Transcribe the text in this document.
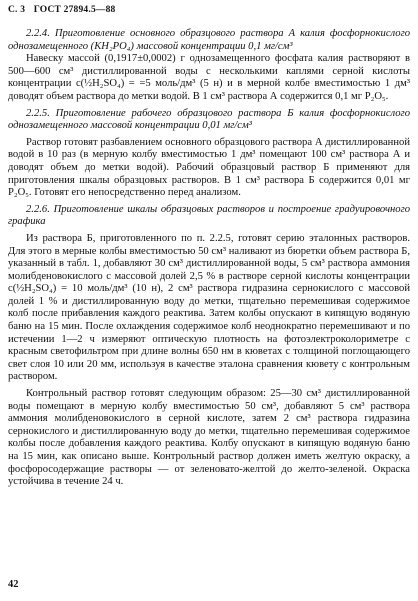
С. 3 ГОСТ 27894.5—88

2.2.4. Приготовление основного образцового раствора А калия фосфорнокислого однозамещенного (KH₂PO₄) массовой концентрации 0,1 мг/см³

Навеску массой (0,1917±0,0002) г однозамещенного фосфата калия растворяют в 500—600 см³ дистиллированной воды с несколькими каплями серной кислоты концентрации c(½H₂SO₄) = =5 моль/дм³ (5 н) и в мерной колбе вместимостью 1 дм³ доводят объем раствора до метки водой. В 1 см³ раствора А содержится 0,1 мг P₂O₅.

2.2.5. Приготовление рабочего образцового раствора Б калия фосфорнокислого однозамещенного массовой концентрации 0,01 мг/см³

Раствор готовят разбавлением основного образцового раствора А дистиллированной водой в 10 раз (в мерную колбу вместимостью 1 дм³ помещают 100 см³ раствора А и доводят объем до метки водой). Рабочий образцовый раствор Б применяют для приготовления шкалы образцовых растворов. В 1 см³ раствора Б содержится 0,01 мг P₂O₅. Готовят его непосредственно перед анализом.

2.2.6. Приготовление шкалы образцовых растворов и построение градуировочного графика

Из раствора Б, приготовленного по п. 2.2.5, готовят серию эталонных растворов. Для этого в мерные колбы вместимостью 50 см³ наливают из бюретки объем раствора Б, указанный в табл. 1, добавляют 30 см³ дистиллированной воды, 5 см³ раствора аммония молибденовокислого с массовой долей 2,5 % в растворе серной кислоты концентрации c(½H₂SO₄) = 10 моль/дм³ (10 н), 2 см³ раствора гидразина сернокислого с массовой долей 1 % и дистиллированную воду до метки, тщательно перемешивая содержимое колб после прибавления каждого реактива. Затем колбы опускают в кипящую водяную баню на 15 мин. После охлаждения содержимое колб неоднократно перемешивают и по истечении 1—2 ч измеряют оптическую плотность на фотоэлектроколориметре с красным светофильтром при длине волны 650 нм в кюветах с толщиной поглощающего свет слоя 10 или 20 мм, используя в качестве эталона сравнения кювету с контрольным раствором.

Контрольный раствор готовят следующим образом: 25—30 см³ дистиллированной воды помещают в мерную колбу вместимостью 50 см³, добавляют 5 см³ раствора аммония молибденовокислого в серной кислоте, затем 2 см³ раствора гидразина сернокислого и дистиллированную воду до метки, тщательно перемешивая содержимое колбы после добавления каждого реактива. Колбу опускают в кипящую водяную баню на 15 мин, как описано выше. Контрольный раствор должен иметь желтую окраску, а фосфоросодержащие растворы — от зеленовато-желтой до желто-зеленой. Окраска устойчива в течение 24 ч.

42
